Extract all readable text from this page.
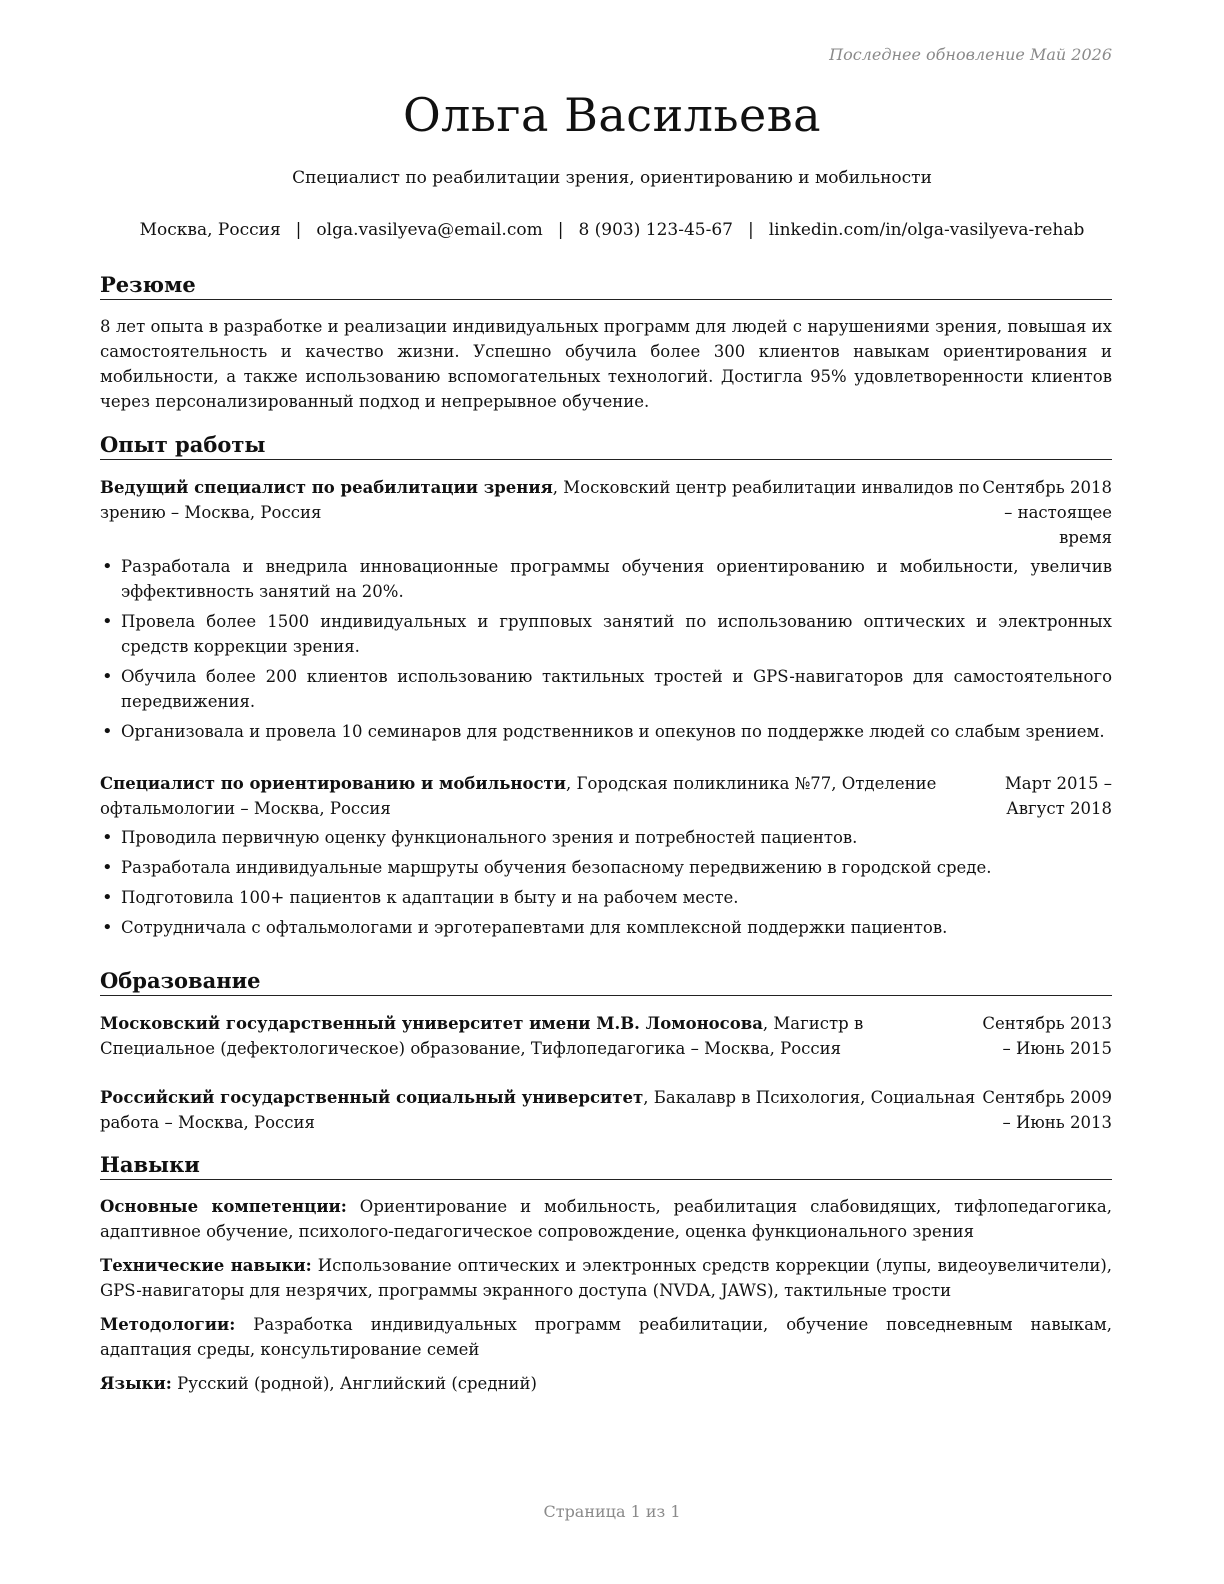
Последнее обновление Май 2026
Ольга Васильева
Специалист по реабилитации зрения, ориентированию и мобильности
Москва, Россия | olga.vasilyeva@email.com | 8 (903) 123-45-67 | linkedin.com/in/olga-vasilyeva-rehab
Резюме

8 лет опыта в разработке и реализации индивидуальных программ для людей с нарушениями зрения, повышая их самостоятельность и качество жизни. Успешно обучила более 300 клиентов навыкам ориентирования и мобильности, а также использованию вспомогательных технологий. Достигла 95% удовлетворенности клиентов через персонализированный подход и непрерывное обучение.

Опыт работы
Ведущий специалист по реабилитации зрения, Московский центр реабилитации инвалидов по зрению – Москва, Россия
Сентябрь 2018 – настоящее время
• Разработала и внедрила инновационные программы обучения ориентированию и мобильности, увеличив эффективность занятий на 20%.
• Провела более 1500 индивидуальных и групповых занятий по использованию оптических и электронных средств коррекции зрения.
• Обучила более 200 клиентов использованию тактильных тростей и GPS-навигаторов для самостоятельного передвижения.
• Организовала и провела 10 семинаров для родственников и опекунов по поддержке людей со слабым зрением.
Специалист по ориентированию и мобильности, Городская поликлиника №77, Отделение офтальмологии – Москва, Россия
Март 2015 – Август 2018
• Проводила первичную оценку функционального зрения и потребностей пациентов.
• Разработала индивидуальные маршруты обучения безопасному передвижению в городской среде.
• Подготовила 100+ пациентов к адаптации в быту и на рабочем месте.
• Сотрудничала с офтальмологами и эрготерапевтами для комплексной поддержки пациентов.
Образование
Московский государственный университет имени М.В. Ломоносова, Магистр в Специальное (дефектологическое) образование, Тифлопедагогика – Москва, Россия
Сентябрь 2013 – Июнь 2015
Российский государственный социальный университет, Бакалавр в Психология, Социальная работа – Москва, Россия
Сентябрь 2009 – Июнь 2013
Навыки
Основные компетенции: Ориентирование и мобильность, реабилитация слабовидящих, тифлопедагогика, адаптивное обучение, психолого-педагогическое сопровождение, оценка функционального зрения
Технические навыки: Использование оптических и электронных средств коррекции (лупы, видеоувеличители), GPS-навигаторы для незрячих, программы экранного доступа (NVDA, JAWS), тактильные трости
Методологии: Разработка индивидуальных программ реабилитации, обучение повседневным навыкам, адаптация среды, консультирование семей
Языки: Русский (родной), Английский (средний)
Страница 1 из 1
